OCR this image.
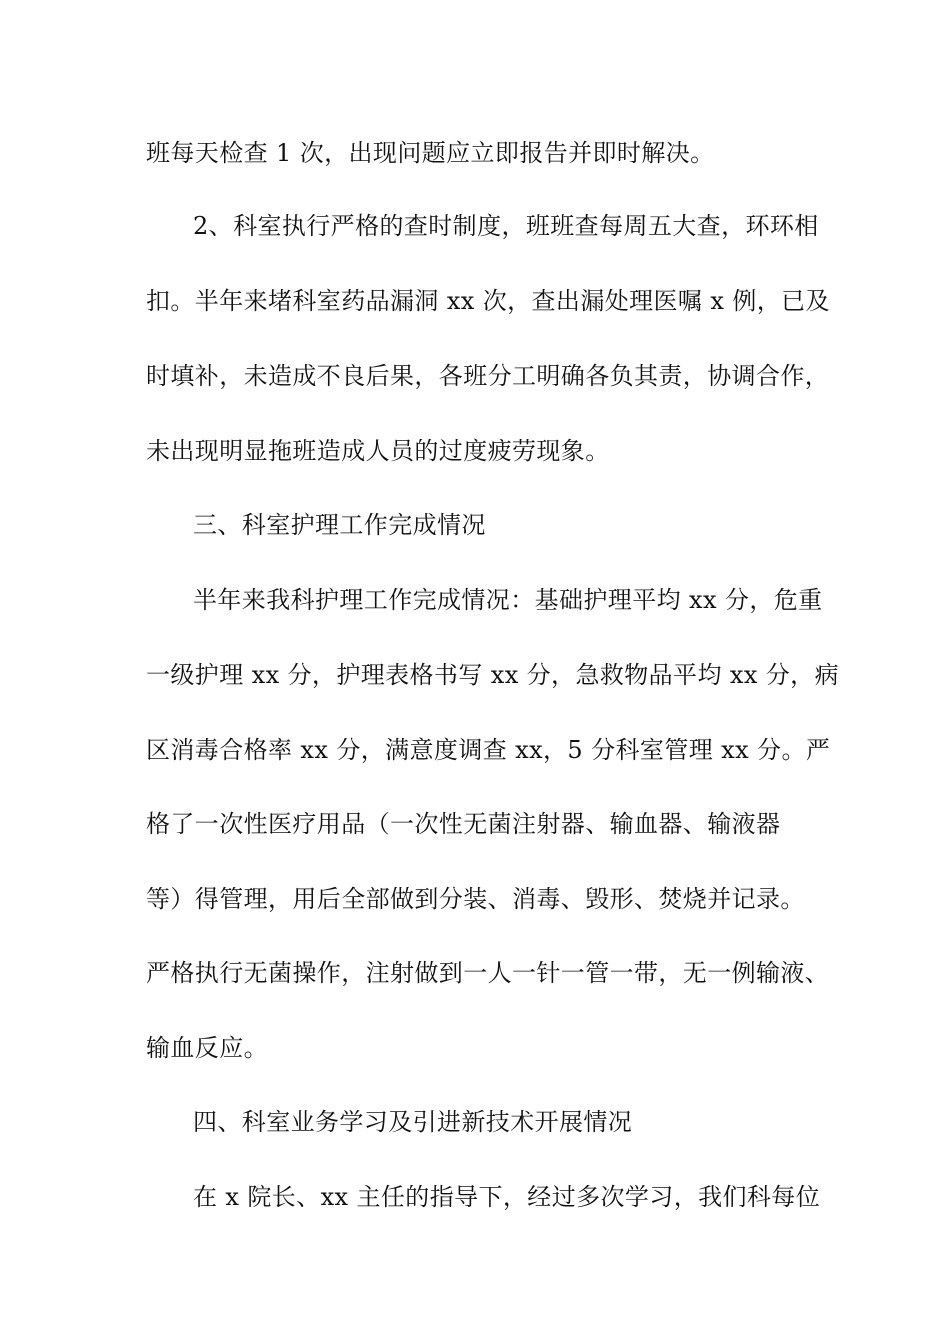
班每天检查 1 次，出现问题应立即报告并即时解决。
2、科室执行严格的查时制度，班班查每周五大查，环环相
扣。半年来堵科室药品漏洞 xx 次，查出漏处理医嘱 x 例，已及
时填补，未造成不良后果，各班分工明确各负其责，协调合作，
未出现明显拖班造成人员的过度疲劳现象。
三、科室护理工作完成情况
半年来我科护理工作完成情况：基础护理平均 xx 分，危重
一级护理 xx 分，护理表格书写 xx 分，急救物品平均 xx 分，病
区消毒合格率 xx 分，满意度调查 xx，5 分科室管理 xx 分。严
格了一次性医疗用品（一次性无菌注射器、输血器、输液器
等）得管理，用后全部做到分装、消毒、毁形、焚烧并记录。
严格执行无菌操作，注射做到一人一针一管一带，无一例输液、
输血反应。
四、科室业务学习及引进新技术开展情况
在 x 院长、xx 主任的指导下，经过多次学习，我们科每位
